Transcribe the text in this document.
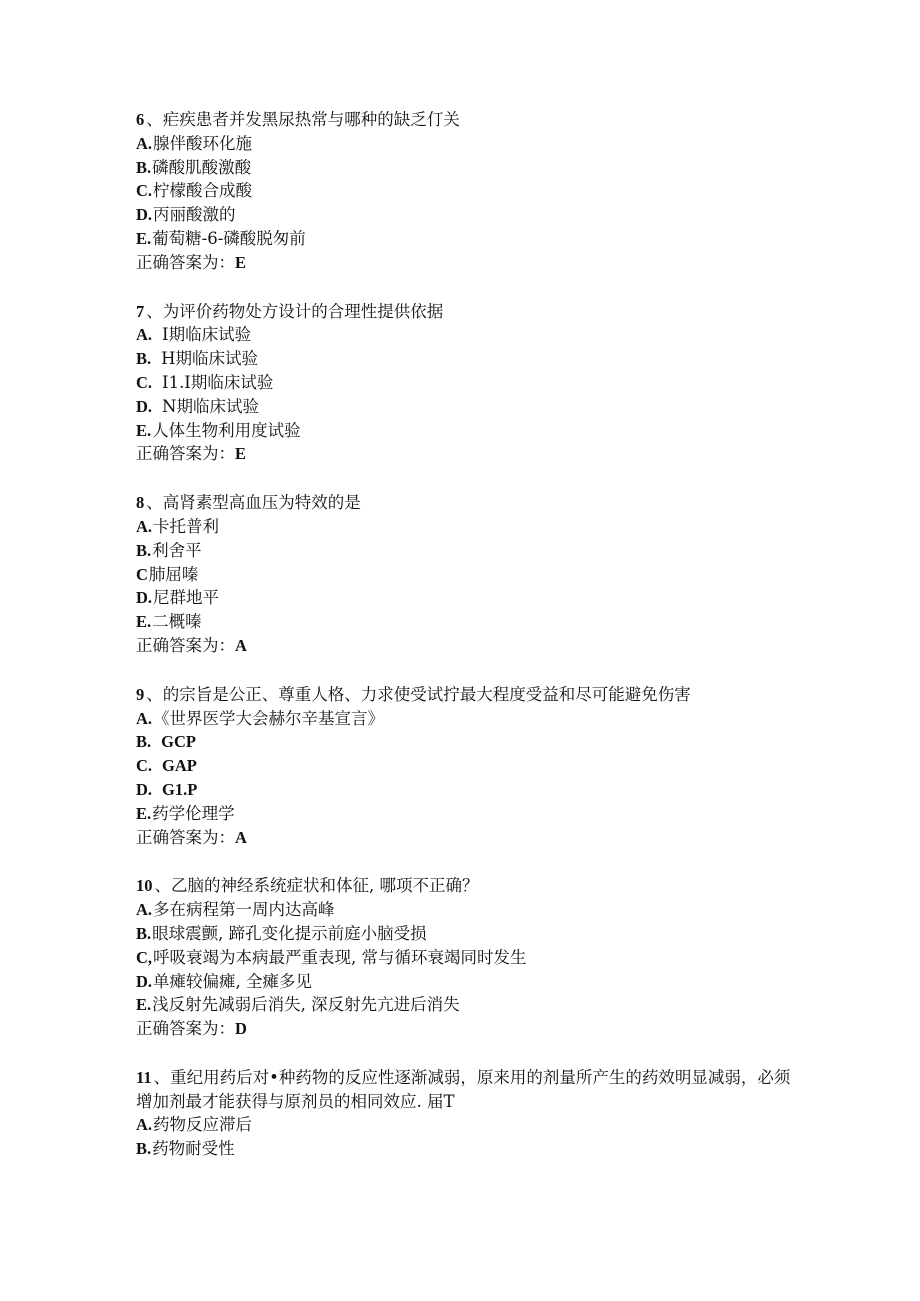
6 、疟疾患者并发黑尿热常与哪种的缺乏仃关
A.腺伴酸环化施
B.磷酸肌酸激酸
C.柠檬酸合成酸
D.丙丽酸激的
E.葡萄糖-6-磷酸脱匆前
正确答案为：E
7 、为评价药物处方设计的合理性提供依据
A. I期临床试验
B. H期临床试验
C. I1.I期临床试验
D. N期临床试验
E.人体生物利用度试验
正确答案为：E
8 、高肾素型高血压为特效的是
A.卡托普利
B.利舍平
C肺屈嗪
D.尼群地平
E.二概嗪
正确答案为：A
9 、的宗旨是公正、尊重人格、力求使受试拧最大程度受益和尽可能避免伤害
A.《世界医学大会赫尔辛基宣言》
B. GCP
C. GAP
D. G1.P
E.药学伦理学
正确答案为：A
10 、乙脑的神经系统症状和体征, 哪项不正确？
A.多在病程第一周内达高峰
B.眼球震颤, 蹄孔变化提示前庭小脑受损
C,呼吸衰竭为本病最严重表现, 常与循环衰竭同时发生
D.单瘫较偏瘫, 全瘫多见
E.浅反射先减弱后消失, 深反射先亢进后消失
正确答案为：D
11 、重纪用药后对•种药物的反应性逐渐减弱，原来用的剂量所产生的药效明显减弱，必须增加剂最才能获得与原剂员的相同效应. 届T
A.药物反应滞后
B.药物耐受性
